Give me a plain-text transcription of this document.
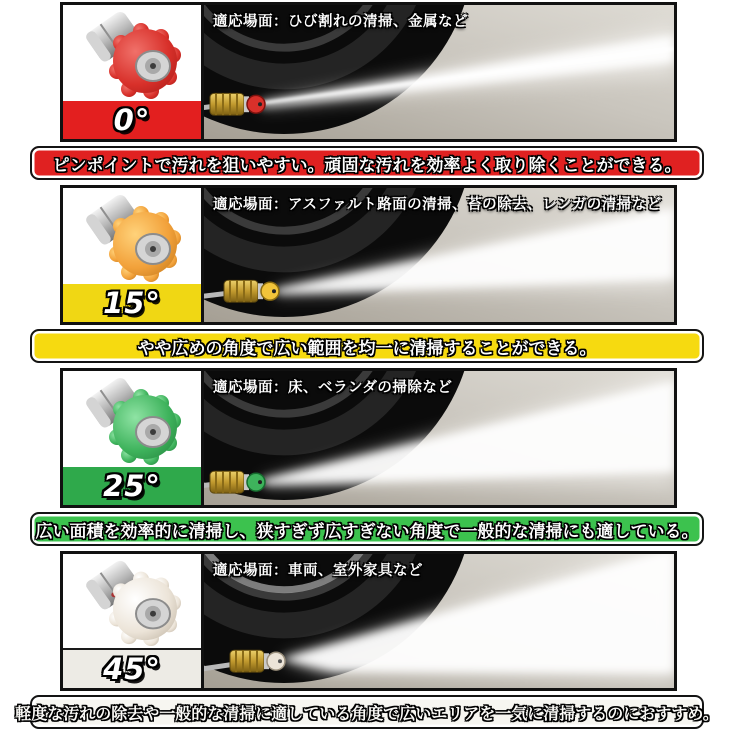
0°
適応場面：ひび割れの清掃、金属など
ピンポイントで汚れを狙いやすい。頑固な汚れを効率よく取り除くことができる。
15°
適応場面：アスファルト路面の清掃、苔の除去、レンガの清掃など
やや広めの角度で広い範囲を均一に清掃することができる。
25°
適応場面：床、ベランダの掃除など
広い面積を効率的に清掃し、狭すぎず広すぎない角度で一般的な清掃にも適している。
45°
適応場面：車両、室外家具など
軽度な汚れの除去や一般的な清掃に適している角度で広いエリアを一気に清掃するのにおすすめ。
